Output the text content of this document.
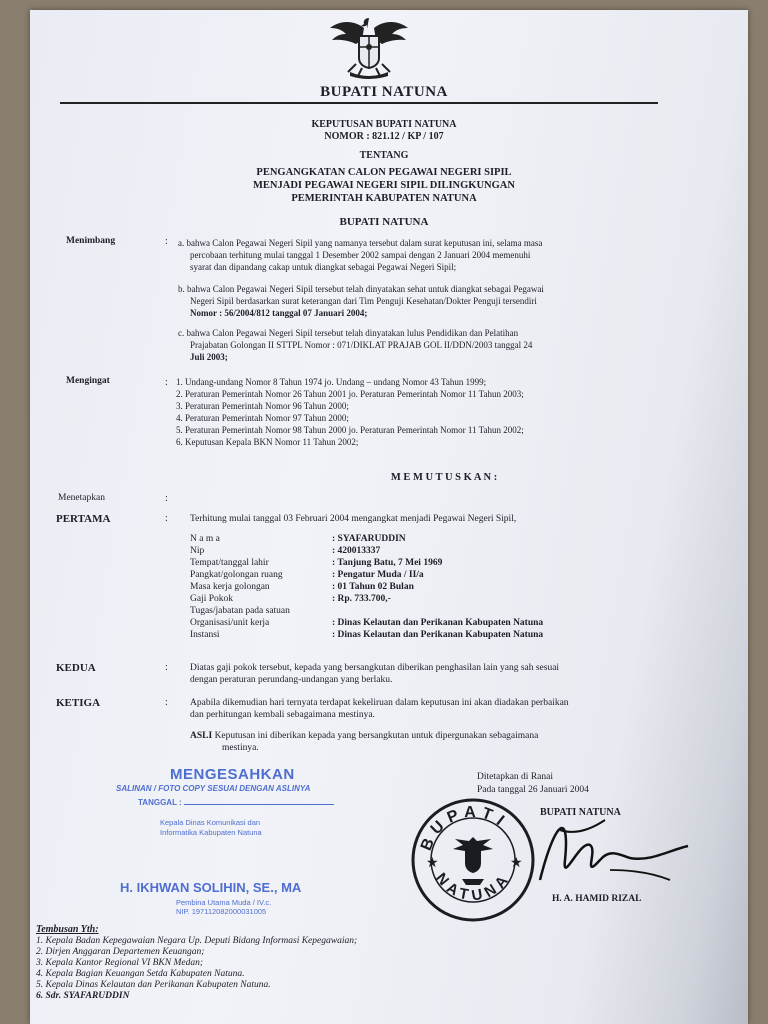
BUPATI NATUNA
KEPUTUSAN BUPATI NATUNA
NOMOR : 821.12 / KP / 107
TENTANG
PENGANGKATAN CALON PEGAWAI NEGERI SIPIL
MENJADI PEGAWAI NEGERI SIPIL DILINGKUNGAN
PEMERINTAH KABUPATEN NATUNA
BUPATI NATUNA
Menimbang	: a. bahwa Calon Pegawai Negeri Sipil yang namanya tersebut dalam surat keputusan ini, selama masa
percobaan terhitung mulai tanggal 1 Desember 2002 sampai dengan 2 Januari 2004 memenuhi
syarat dan dipandang cakap untuk diangkat sebagai Pegawai Negeri Sipil;
b. bahwa Calon Pegawai Negeri Sipil tersebut telah dinyatakan sehat untuk diangkat sebagai Pegawai
Negeri Sipil berdasarkan surat keterangan dari Tim Penguji Kesehatan/Dokter Penguji tersendiri
Nomor : 56/2004/812 tanggal 07 Januari 2004;
c. bahwa Calon Pegawai Negeri Sipil tersebut telah dinyatakan lulus Pendidikan dan Pelatihan
Prajabatan Golongan II STTPL Nomor : 071/DIKLAT PRAJAB GOL II/DDN/2003 tanggal 24
Juli 2003;
Mengingat	: 1. Undang-undang Nomor 8 Tahun 1974 jo. Undang – undang Nomor 43 Tahun 1999;
2. Peraturan Pemerintah Nomor 26 Tahun 2001 jo. Peraturan Pemerintah Nomor 11 Tahun 2003;
3. Peraturan Pemerintah Nomor 96 Tahun 2000;
4. Peraturan Pemerintah Nomor 97 Tahun 2000;
5. Peraturan Pemerintah Nomor 98 Tahun 2000 jo. Peraturan Pemerintah Nomor 11 Tahun 2002;
6. Keputusan Kepala BKN Nomor 11 Tahun 2002;
M E M U T U S K A N :
Menetapkan	:
PERTAMA	: Terhitung mulai tanggal 03 Februari 2004 mengangkat menjadi Pegawai Negeri Sipil,
N a m a	: SYAFARUDDIN
Nip	: 420013337
Tempat/tanggal lahir	: Tanjung Batu, 7 Mei 1969
Pangkat/golongan ruang	: Pengatur Muda / II/a
Masa kerja golongan	: 01 Tahun 02 Bulan
Gaji Pokok	: Rp. 733.700,-
Tugas/jabatan pada satuan
Organisasi/unit kerja	: Dinas Kelautan dan Perikanan Kabupaten Natuna
Instansi	: Dinas Kelautan dan Perikanan Kabupaten Natuna
KEDUA	: Diatas gaji pokok tersebut, kepada yang bersangkutan diberikan penghasilan lain yang sah sesuai
dengan peraturan perundang-undangan yang berlaku.
KETIGA	: Apabila dikemudian hari ternyata terdapat kekeliruan dalam keputusan ini akan diadakan perbaikan
dan perhitungan kembali sebagaimana mestinya.
ASLI Keputusan ini diberikan kepada yang bersangkutan untuk dipergunakan sebagaimana
mestinya.
MENGESAHKAN
SALINAN / FOTO COPY SESUAI DENGAN ASLINYA
TANGGAL :
Kepala Dinas Komunikasi dan
Informatika Kabupaten Natuna
H. IKHWAN SOLIHIN, SE., MA
Pembina Utama Muda / IV.c.
NIP. 197112082000031005
Ditetapkan di Ranai
Pada tanggal 26 Januari 2004
BUPATI NATUNA
H. A. HAMID RIZAL
BUPATI
NATUNA
★	★
Tembusan Yth:
1. Kepala Badan Kepegawaian Negara Up. Deputi Bidang Informasi Kepegawaian;
2. Dirjen Anggaran Departemen Keuangan;
3. Kepala Kantor Regional VI BKN Medan;
4. Kepala Bagian Keuangan Setda Kabupaten Natuna.
5. Kepala Dinas Kelautan dan Perikanan Kabupaten Natuna.
6. Sdr. SYAFARUDDIN
